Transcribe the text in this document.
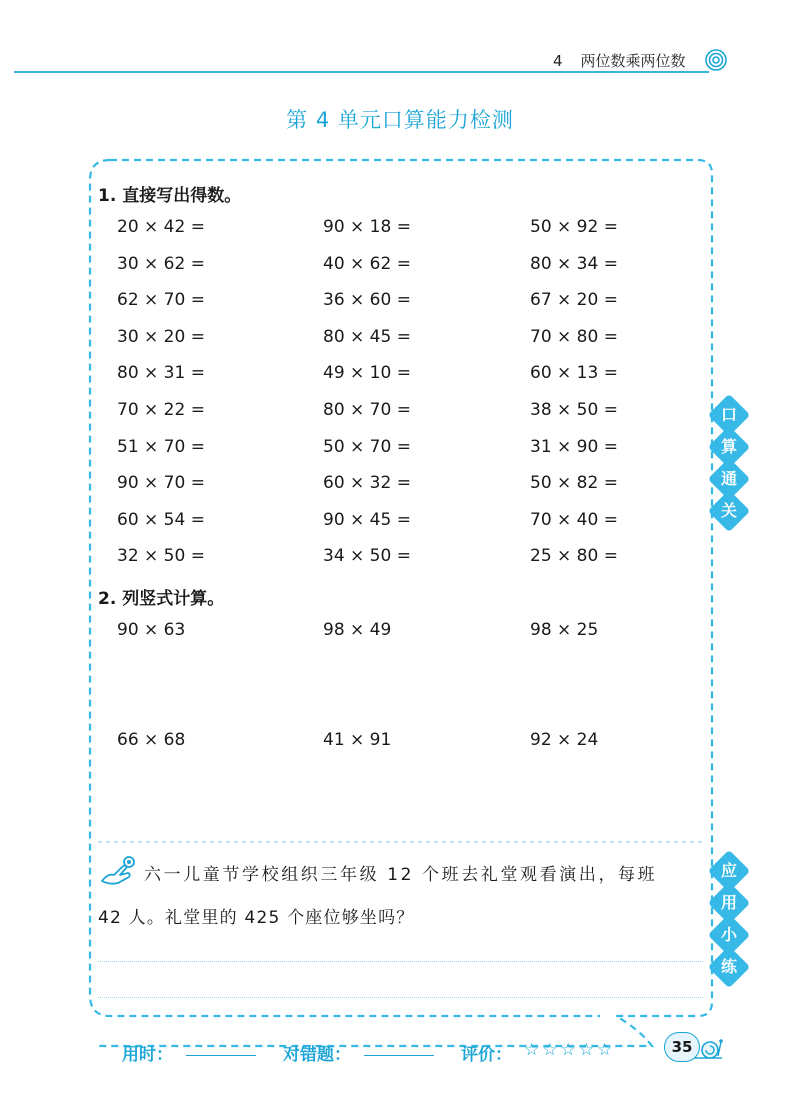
4 两位数乘两位数
第 4 单元口算能力检测
1. 直接写出得数。
20 × 42 =	90 × 18 =	50 × 92 =
30 × 62 =	40 × 62 =	80 × 34 =
62 × 70 =	36 × 60 =	67 × 20 =
30 × 20 =	80 × 45 =	70 × 80 =
80 × 31 =	49 × 10 =	60 × 13 =
70 × 22 =	80 × 70 =	38 × 50 =
51 × 70 =	50 × 70 =	31 × 90 =
90 × 70 =	60 × 32 =	50 × 82 =
60 × 54 =	90 × 45 =	70 × 40 =
32 × 50 =	34 × 50 =	25 × 80 =
2. 列竖式计算。
90 × 63	98 × 49	98 × 25
66 × 68	41 × 91	92 × 24
六一儿童节学校组织三年级 12 个班去礼堂观看演出，每班
42 人。礼堂里的 425 个座位够坐吗？
口
算
通
关
应
用
小
练
用时：	对错题：	评价： ☆☆☆☆☆	35
